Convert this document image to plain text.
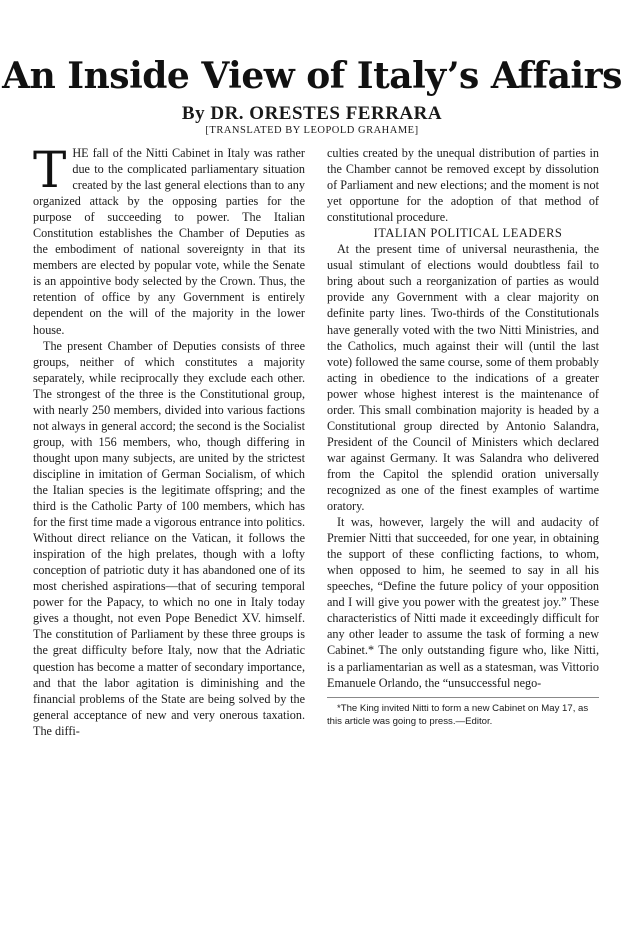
An Inside View of Italy’s Affairs
By DR. ORESTES FERRARA
[TRANSLATED BY LEOPOLD GRAHAME]

THE fall of the Nitti Cabinet in Italy was rather due to the complicated parliamentary situation created by the last general elections than to any organized attack by the opposing parties for the purpose of succeeding to power. The Italian Constitution establishes the Chamber of Deputies as the embodiment of national sovereignty in that its members are elected by popular vote, while the Senate is an appointive body selected by the Crown. Thus, the retention of office by any Government is entirely dependent on the will of the majority in the lower house.

The present Chamber of Deputies consists of three groups, neither of which constitutes a majority separately, while reciprocally they exclude each other. The strongest of the three is the Constitutional group, with nearly 250 members, divided into various factions not always in general accord; the second is the Socialist group, with 156 members, who, though differing in thought upon many subjects, are united by the strictest discipline in imitation of German Socialism, of which the Italian species is the legitimate offspring; and the third is the Catholic Party of 100 members, which has for the first time made a vigorous entrance into politics. Without direct reliance on the Vatican, it follows the inspiration of the high prelates, though with a lofty conception of patriotic duty it has abandoned one of its most cherished aspirations—that of securing temporal power for the Papacy, to which no one in Italy today gives a thought, not even Pope Benedict XV. himself. The constitution of Parliament by these three groups is the great difficulty before Italy, now that the Adriatic question has become a matter of secondary importance, and that the labor agitation is diminishing and the financial problems of the State are being solved by the general acceptance of new and very onerous taxation. The diffi-

culties created by the unequal distribution of parties in the Chamber cannot be removed except by dissolution of Parliament and new elections; and the moment is not yet opportune for the adoption of that method of constitutional procedure.

ITALIAN POLITICAL LEADERS

At the present time of universal neurasthenia, the usual stimulant of elections would doubtless fail to bring about such a reorganization of parties as would provide any Government with a clear majority on definite party lines. Two-thirds of the Constitutionals have generally voted with the two Nitti Ministries, and the Catholics, much against their will (until the last vote) followed the same course, some of them probably acting in obedience to the indications of a greater power whose highest interest is the maintenance of order. This small combination majority is headed by a Constitutional group directed by Antonio Salandra, President of the Council of Ministers which declared war against Germany. It was Salandra who delivered from the Capitol the splendid oration universally recognized as one of the finest examples of wartime oratory.

It was, however, largely the will and audacity of Premier Nitti that succeeded, for one year, in obtaining the support of these conflicting factions, to whom, when opposed to him, he seemed to say in all his speeches, “Define the future policy of your opposition and I will give you power with the greatest joy.” These characteristics of Nitti made it exceedingly difficult for any other leader to assume the task of forming a new Cabinet.* The only outstanding figure who, like Nitti, is a parliamentarian as well as a statesman, was Vittorio Emanuele Orlando, the “unsuccessful nego-

*The King invited Nitti to form a new Cabinet on May 17, as this article was going to press.—Editor.
